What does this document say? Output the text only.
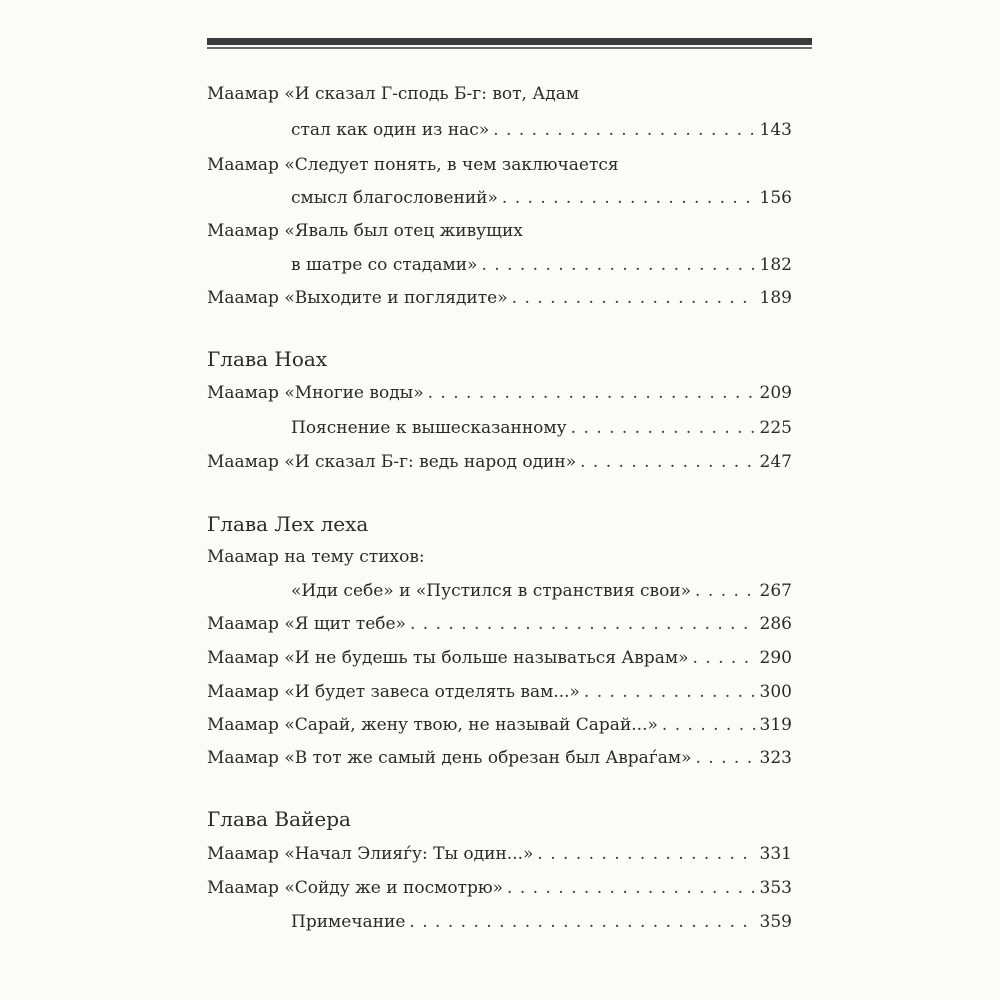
Маамар «И сказал Г-сподь Б-г: вот, Адам
стал как один из нас» . . .	143
Маамар «Следует понять, в чем заключается
смысл благословений» . . .	156
Маамар «Яваль был отец живущих
в шатре со стадами» . . .	182
Маамар «Выходите и поглядите» . . .	189
Глава Ноах
Маамар «Многие воды» . . .	209
Пояснение к вышесказанному . . .	225
Маамар «И сказал Б-г: ведь народ один» . . .	247
Глава Лех леха
Маамар на тему стихов:
«Иди себе» и «Пустился в странствия свои» . . .	267
Маамар «Я щит тебе» . . .	286
Маамар «И не будешь ты больше называться Аврам» . . .	290
Маамар «И будет завеса отделять вам...» . . .	300
Маамар «Сарай, жену твою, не называй Сарай...» . . .	319
Маамар «В тот же самый день обрезан был Авраѓам» . . .	323
Глава Вайера
Маамар «Начал Элияѓу: Ты один...» . . .	331
Маамар «Сойду же и посмотрю» . . .	353
Примечание . . .	359
